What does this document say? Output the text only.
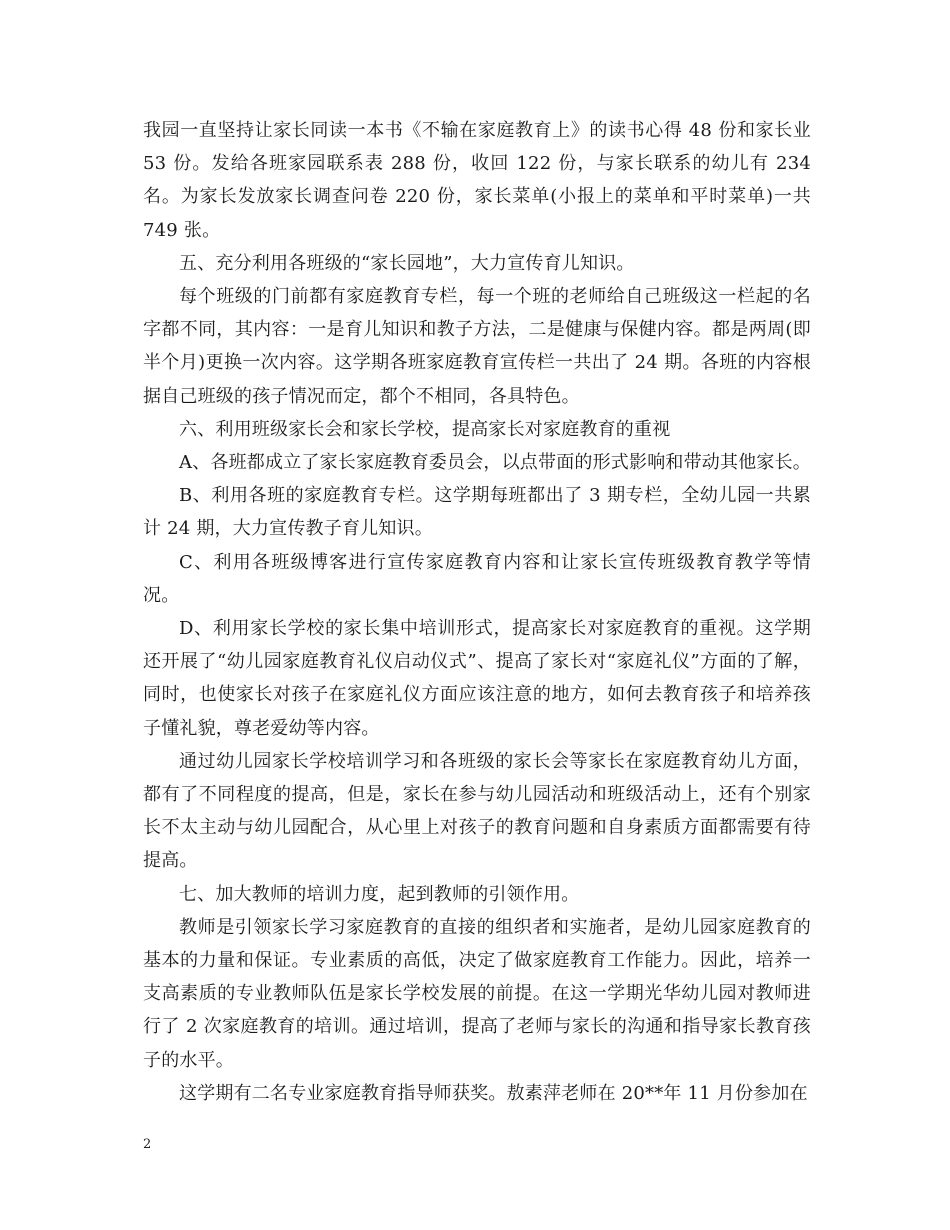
我园一直坚持让家长同读一本书《不输在家庭教育上》的读书心得 48 份和家长业 53 份。发给各班家园联系表 288 份，收回 122 份，与家长联系的幼儿有 234 名。为家长发放家长调查问卷 220 份，家长菜单(小报上的菜单和平时菜单)一共 749 张。

五、充分利用各班级的“家长园地”，大力宣传育儿知识。

每个班级的门前都有家庭教育专栏，每一个班的老师给自己班级这一栏起的名字都不同，其内容：一是育儿知识和教子方法，二是健康与保健内容。都是两周(即半个月)更换一次内容。这学期各班家庭教育宣传栏一共出了 24 期。各班的内容根据自己班级的孩子情况而定，都个不相同，各具特色。

六、利用班级家长会和家长学校，提高家长对家庭教育的重视

A、各班都成立了家长家庭教育委员会，以点带面的形式影响和带动其他家长。

B、利用各班的家庭教育专栏。这学期每班都出了 3 期专栏，全幼儿园一共累计 24 期，大力宣传教子育儿知识。

C、利用各班级博客进行宣传家庭教育内容和让家长宣传班级教育教学等情况。

D、利用家长学校的家长集中培训形式，提高家长对家庭教育的重视。这学期还开展了“幼儿园家庭教育礼仪启动仪式”、提高了家长对“家庭礼仪”方面的了解，同时，也使家长对孩子在家庭礼仪方面应该注意的地方，如何去教育孩子和培养孩子懂礼貌，尊老爱幼等内容。

通过幼儿园家长学校培训学习和各班级的家长会等家长在家庭教育幼儿方面，都有了不同程度的提高，但是，家长在参与幼儿园活动和班级活动上，还有个别家长不太主动与幼儿园配合，从心里上对孩子的教育问题和自身素质方面都需要有待提高。

七、加大教师的培训力度，起到教师的引领作用。

教师是引领家长学习家庭教育的直接的组织者和实施者，是幼儿园家庭教育的基本的力量和保证。专业素质的高低，决定了做家庭教育工作能力。因此，培养一支高素质的专业教师队伍是家长学校发展的前提。在这一学期光华幼儿园对教师进行了 2 次家庭教育的培训。通过培训，提高了老师与家长的沟通和指导家长教育孩子的水平。

这学期有二名专业家庭教育指导师获奖。敖素萍老师在 20**年 11 月份参加在

2
